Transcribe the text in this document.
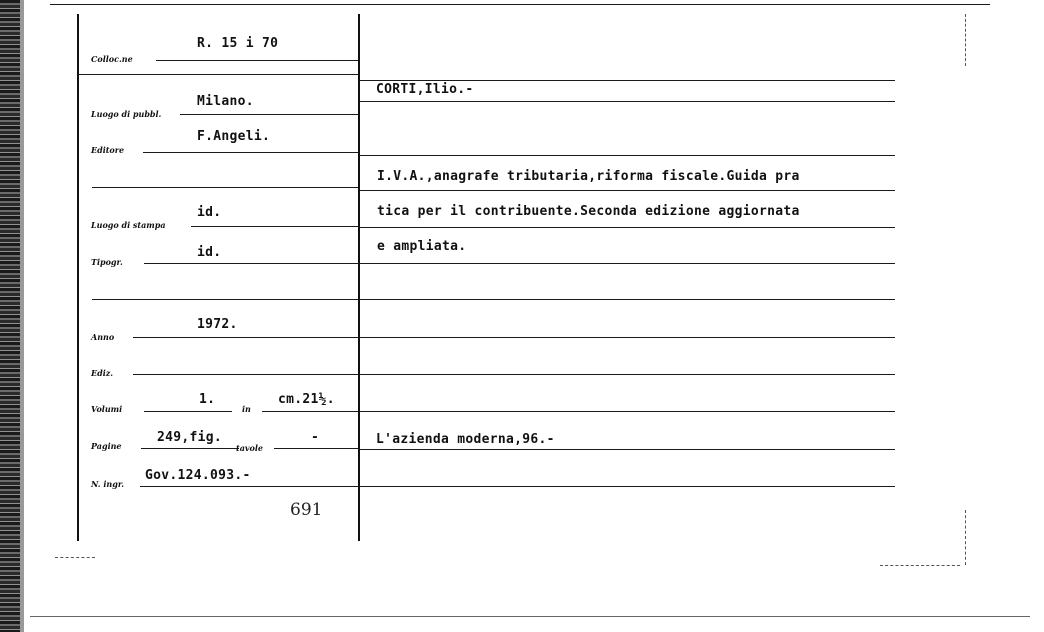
Colloc.ne
R. 15 i 70
Luogo di pubbl.
Milano.
Editore
F.Angeli.
Luogo di stampa
id.
Tipogr.
id.
Anno
1972.
Ediz.
Volumi
1.
in
cm.21½.
Pagine
249,fig.
tavole
-
N. ingr.
Gov.124.093.-
691
CORTI,Ilio.-
I.V.A.,anagrafe tributaria,riforma fiscale.Guida pra
tica per il contribuente.Seconda edizione aggiornata
e ampliata.
L'azienda moderna,96.-
